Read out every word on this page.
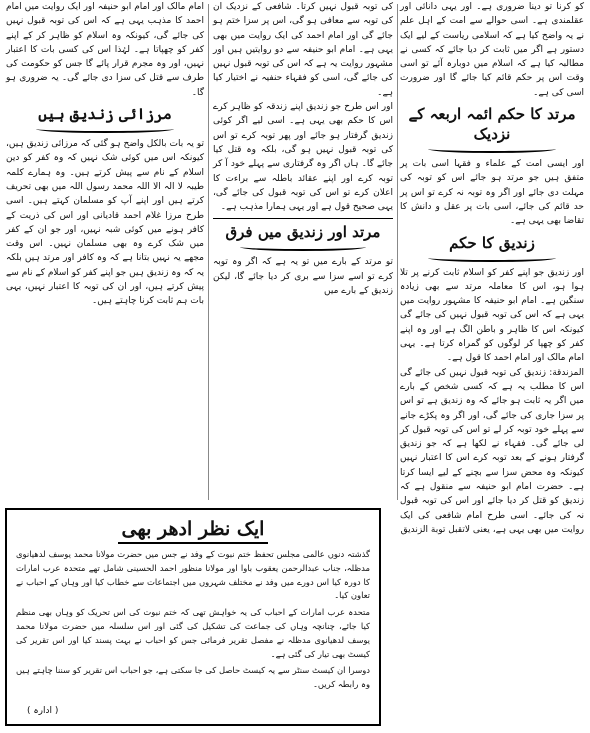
کو کرنا تو دینا ضروری ہے۔ اور یہی دانائی اور عقلمندی ہے۔ اسی حوالے سے امت کے اہل علم نے یہ واضح کیا ہے کہ اسلامی ریاست کے لیے ایک دستور ہے اگر میں ثابت کر دیا جائے کہ کسی نے مطالبہ کیا ہے کہ اسلام میں دوبارہ آئے تو اسی وقت اس پر حکم قائم کیا جائے گا اور ضرورت اسی کی ہے۔

مرتد کا حکم ائمہ اربعہ کے نزدیک

اور ایسی امت کے علماء و فقہا اسی بات پر متفق ہیں جو مرتد ہو جائے اس کو توبہ کی مہلت دی جائے اور اگر وہ توبہ نہ کرے تو اس پر حد قائم کی جائے، اسی بات پر عقل و دانش کا تقاضا بھی یہی ہے۔

زندیق کا حکم

اور زندیق جو اپنے کفر کو اسلام ثابت کرنے پر تلا ہوا ہو، اس کا معاملہ مرتد سے بھی زیادہ سنگین ہے۔ امام ابو حنیفہ کا مشہور روایت میں یہی ہے کہ اس کی توبہ قبول نہیں کی جائے گی کیونکہ اس کا ظاہر و باطن الگ ہے اور وہ اپنے کفر کو چھپا کر لوگوں کو گمراہ کرتا ہے۔ یہی امام مالک اور امام احمد کا قول ہے۔

المزندقة: زندیق کی توبہ قبول نہیں کی جائے گی اس کا مطلب یہ ہے کہ کسی شخص کے بارے میں اگر یہ ثابت ہو جائے کہ وہ زندیق ہے تو اس پر سزا جاری کی جائے گی، اور اگر وہ پکڑے جانے سے پہلے خود توبہ کر لے تو اس کی توبہ قبول کر لی جائے گی۔ فقہاء نے لکھا ہے کہ جو زندیق گرفتار ہونے کے بعد توبہ کرے اس کا اعتبار نہیں کیونکہ وہ محض سزا سے بچنے کے لیے ایسا کرتا ہے۔ حضرت امام ابو حنیفہ سے منقول ہے کہ زندیق کو قتل کر دیا جائے اور اس کی توبہ قبول نہ کی جائے۔ اسی طرح امام شافعی کی ایک روایت میں بھی یہی ہے، یعنی لاتقبل توبة الزنديق

کی توبہ قبول نہیں کرتا۔ شافعی کے نزدیک ان کی توبہ سے معافی ہو گی، اس پر سزا ختم ہو جائے گی اور امام احمد کی ایک روایت میں بھی یہی ہے۔ امام ابو حنیفہ سے دو روایتیں ہیں اور مشہور روایت یہ ہے کہ اس کی توبہ قبول نہیں کی جائے گی، اسی کو فقہاء حنفیہ نے اختیار کیا ہے۔

اور اس طرح جو زندیق اپنے زندقہ کو ظاہر کرے اس کا حکم بھی یہی ہے۔ اسی لیے اگر کوئی زندیق گرفتار ہو جائے اور پھر توبہ کرے تو اس کی توبہ قبول نہیں ہو گی، بلکہ وہ قتل کیا جائے گا۔ ہاں اگر وہ گرفتاری سے پہلے خود آ کر توبہ کرے اور اپنے عقائد باطلہ سے براءت کا اعلان کرے تو اس کی توبہ قبول کی جائے گی، یہی صحیح قول ہے اور یہی ہمارا مذہب ہے۔

مرتد اور زندیق میں فرق

تو مرتد کے بارے میں تو یہ ہے کہ اگر وہ توبہ کرے تو اسے سزا سے بری کر دیا جائے گا، لیکن زندیق کے بارے میں

امام مالک اور امام ابو حنیفہ اور ایک روایت میں امام احمد کا مذہب یہی ہے کہ اس کی توبہ قبول نہیں کی جائے گی، کیونکہ وہ اسلام کو ظاہر کر کے اپنے کفر کو چھپاتا ہے۔ لہٰذا اس کی کسی بات کا اعتبار نہیں، اور وہ مجرم قرار پائے گا جس کو حکومت کی طرف سے قتل کی سزا دی جائے گی۔ یہ ضروری ہو گا۔

مرزائی زندیق ہیں

تو یہ بات بالکل واضح ہو گئی کہ مرزائی زندیق ہیں، کیونکہ اس میں کوئی شک نہیں کہ وہ کفر کو دین اسلام کے نام سے پیش کرتے ہیں۔ وہ ہمارے کلمہ طیبہ لا الہ الا اللہ محمد رسول اللہ میں بھی تحریف کرتے ہیں اور اپنے آپ کو مسلمان کہتے ہیں۔ اسی طرح مرزا غلام احمد قادیانی اور اس کی ذریت کے کافر ہونے میں کوئی شبہ نہیں، اور جو ان کے کفر میں شک کرے وہ بھی مسلمان نہیں۔ اس وقت مجھے یہ نہیں بتانا ہے کہ وہ کافر اور مرتد ہیں بلکہ یہ کہ وہ زندیق ہیں جو اپنے کفر کو اسلام کے نام سے پیش کرتے ہیں، اور ان کی توبہ کا اعتبار نہیں، یہی بات ہم ثابت کرنا چاہتے ہیں۔

ایک نظر ادھر بھی

گذشتہ دنوں عالمی مجلس تحفظ ختم نبوت کے وفد نے جس میں حضرت مولانا محمد یوسف لدھیانوی مدظلہ، جناب عبدالرحمن یعقوب باوا اور مولانا منظور احمد الحسینی شامل تھے متحدہ عرب امارات کا دورہ کیا اس دورے میں وفد نے مختلف شہروں میں اجتماعات سے خطاب کیا اور وہاں کے احباب نے تعاون کیا۔

متحدہ عرب امارات کے احباب کی یہ خواہش تھی کہ ختم نبوت کی اس تحریک کو وہاں بھی منظم کیا جائے، چنانچہ وہاں کی جماعت کی تشکیل کی گئی اور اس سلسلہ میں حضرت مولانا محمد یوسف لدھیانوی مدظلہ نے مفصل تقریر فرمائی جس کو احباب نے بہت پسند کیا اور اس تقریر کی کیسٹ بھی تیار کی گئی ہے۔

دوسرا ان کیسٹ سنٹر سے یہ کیسٹ حاصل کی جا سکتی ہے، جو احباب اس تقریر کو سننا چاہتے ہیں وہ رابطہ کریں۔

( ادارہ )
